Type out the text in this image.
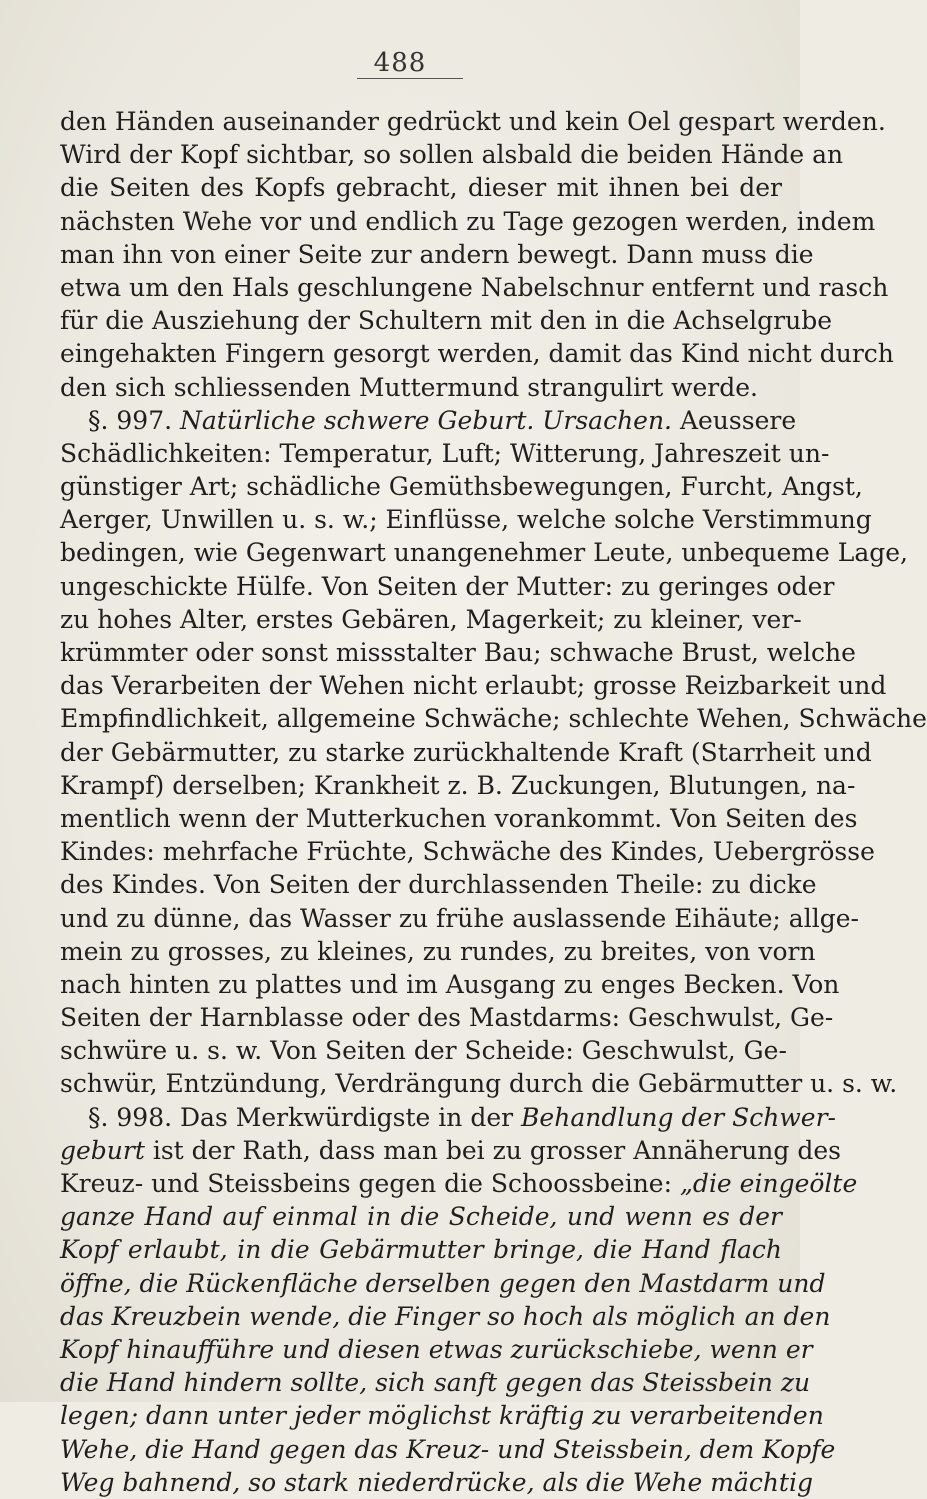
488
den Händen auseinander gedrückt und kein Oel gespart werden.
Wird der Kopf sichtbar, so sollen alsbald die beiden Hände an
die Seiten des Kopfs gebracht, dieser mit ihnen bei der
nächsten Wehe vor und endlich zu Tage gezogen werden, indem
man ihn von einer Seite zur andern bewegt. Dann muss die
etwa um den Hals geschlungene Nabelschnur entfernt und rasch
für die Ausziehung der Schultern mit den in die Achselgrube
eingehakten Fingern gesorgt werden, damit das Kind nicht durch
den sich schliessenden Muttermund strangulirt werde.
§. 997. Natürliche schwere Geburt. Ursachen. Aeussere
Schädlichkeiten: Temperatur, Luft; Witterung, Jahreszeit un-
günstiger Art; schädliche Gemüthsbewegungen, Furcht, Angst,
Aerger, Unwillen u. s. w.; Einflüsse, welche solche Verstimmung
bedingen, wie Gegenwart unangenehmer Leute, unbequeme Lage,
ungeschickte Hülfe. Von Seiten der Mutter: zu geringes oder
zu hohes Alter, erstes Gebären, Magerkeit; zu kleiner, ver-
krümmter oder sonst missstalter Bau; schwache Brust, welche
das Verarbeiten der Wehen nicht erlaubt; grosse Reizbarkeit und
Empfindlichkeit, allgemeine Schwäche; schlechte Wehen, Schwäche
der Gebärmutter, zu starke zurückhaltende Kraft (Starrheit und
Krampf) derselben; Krankheit z. B. Zuckungen, Blutungen, na-
mentlich wenn der Mutterkuchen vorankommt. Von Seiten des
Kindes: mehrfache Früchte, Schwäche des Kindes, Uebergrösse
des Kindes. Von Seiten der durchlassenden Theile: zu dicke
und zu dünne, das Wasser zu frühe auslassende Eihäute; allge-
mein zu grosses, zu kleines, zu rundes, zu breites, von vorn
nach hinten zu plattes und im Ausgang zu enges Becken. Von
Seiten der Harnblasse oder des Mastdarms: Geschwulst, Ge-
schwüre u. s. w. Von Seiten der Scheide: Geschwulst, Ge-
schwür, Entzündung, Verdrängung durch die Gebärmutter u. s. w.
§. 998. Das Merkwürdigste in der Behandlung der Schwer-
geburt ist der Rath, dass man bei zu grosser Annäherung des
Kreuz- und Steissbeins gegen die Schoossbeine: „die eingeölte
ganze Hand auf einmal in die Scheide, und wenn es der
Kopf erlaubt, in die Gebärmutter bringe, die Hand flach
öffne, die Rückenfläche derselben gegen den Mastdarm und
das Kreuzbein wende, die Finger so hoch als möglich an den
Kopf hinaufführe und diesen etwas zurückschiebe, wenn er
die Hand hindern sollte, sich sanft gegen das Steissbein zu
legen; dann unter jeder möglichst kräftig zu verarbeitenden
Wehe, die Hand gegen das Kreuz- und Steissbein, dem Kopfe
Weg bahnend, so stark niederdrücke, als die Wehe mächtig
